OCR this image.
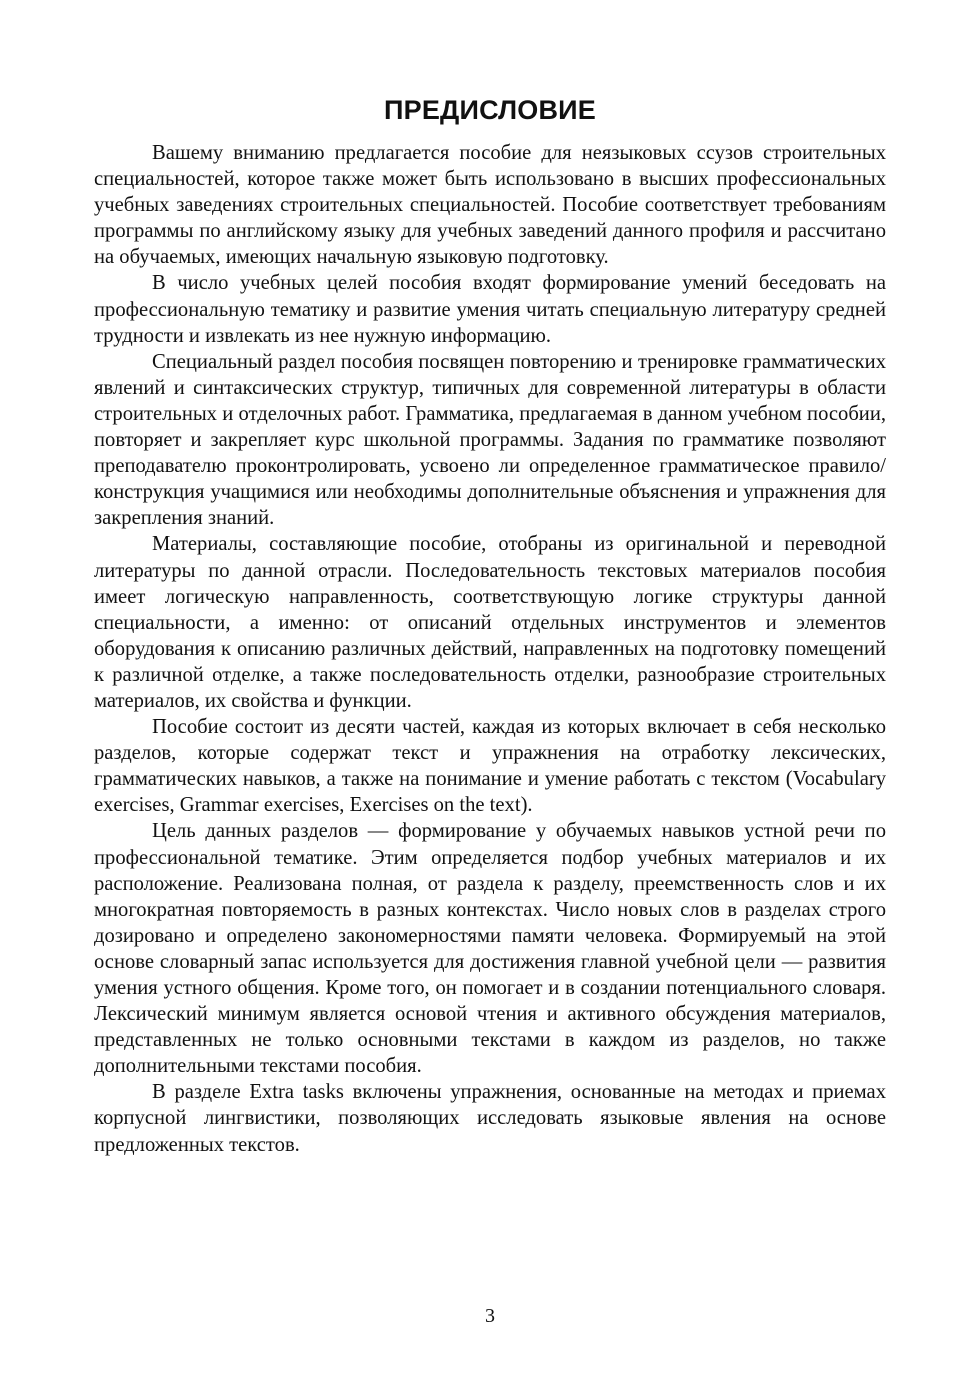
ПРЕДИСЛОВИЕ

Вашему вниманию предлагается пособие для неязыковых ссузов строительных специальностей, которое также может быть использовано в высших профессиональных учебных заведениях строительных специальностей. Пособие соответствует требованиям программы по английскому языку для учебных заведений данного профиля и рассчитано на обучаемых, имеющих начальную языковую подготовку.

В число учебных целей пособия входят формирование умений беседовать на профессиональную тематику и развитие умения читать специальную литературу средней трудности и извлекать из нее нужную информацию.

Специальный раздел пособия посвящен повторению и тренировке грамматических явлений и синтаксических структур, типичных для современной литературы в области строительных и отделочных работ. Грамматика, предлагаемая в данном учебном пособии, повторяет и закрепляет курс школьной программы. Задания по грамматике позволяют преподавателю проконтролировать, усвоено ли определенное грамматическое правило/конструкция учащимися или необходимы дополнительные объяснения и упражнения для закрепления знаний.

Материалы, составляющие пособие, отобраны из оригинальной и переводной литературы по данной отрасли. Последовательность текстовых материалов пособия имеет логическую направленность, соответствующую логике структуры данной специальности, а именно: от описаний отдельных инструментов и элементов оборудования к описанию различных действий, направленных на подготовку помещений к различной отделке, а также последовательность отделки, разнообразие строительных материалов, их свойства и функции.

Пособие состоит из десяти частей, каждая из которых включает в себя несколько разделов, которые содержат текст и упражнения на отработку лексических, грамматических навыков, а также на понимание и умение работать с текстом (Vocabulary exercises, Grammar exercises, Exercises on the text).

Цель данных разделов — формирование у обучаемых навыков устной речи по профессиональной тематике. Этим определяется подбор учебных материалов и их расположение. Реализована полная, от раздела к разделу, преемственность слов и их многократная повторяемость в разных контекстах. Число новых слов в разделах строго дозировано и определено закономерностями памяти человека. Формируемый на этой основе словарный запас используется для достижения главной учебной цели — развития умения устного общения. Кроме того, он помогает и в создании потенциального словаря. Лексический минимум является основой чтения и активного обсуждения материалов, представленных не только основными текстами в каждом из разделов, но также дополнительными текстами пособия.

В разделе Extra tasks включены упражнения, основанные на методах и приемах корпусной лингвистики, позволяющих исследовать языковые явления на основе предложенных текстов.

3
